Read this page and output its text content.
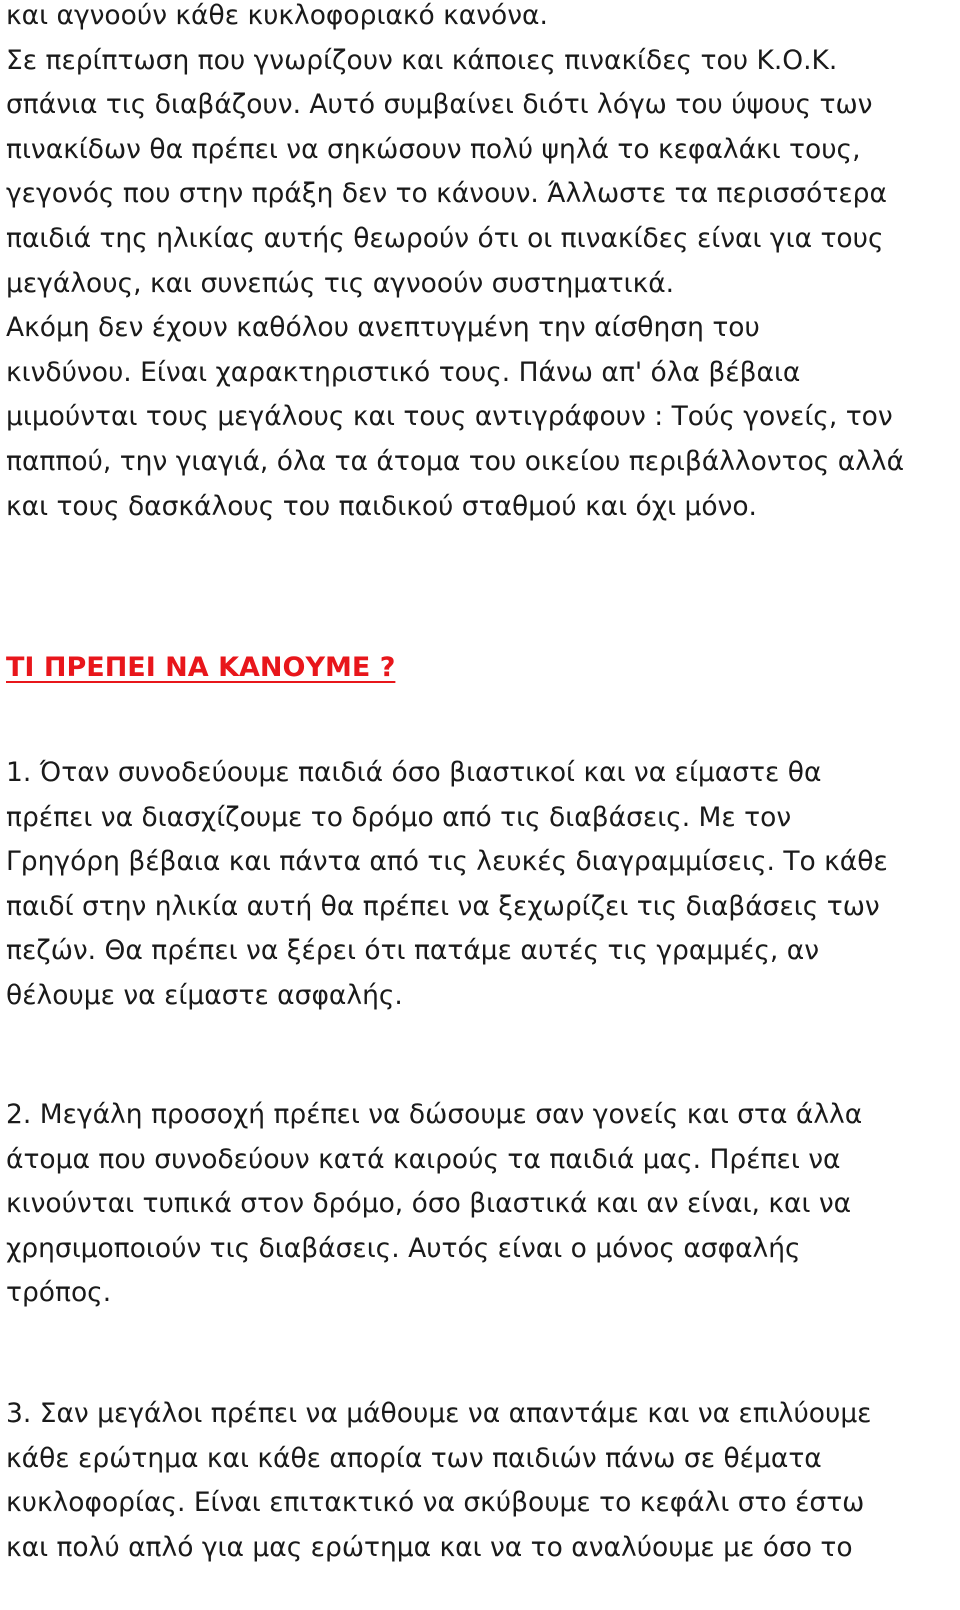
και αγνοούν κάθε κυκλοφοριακό κανόνα.
Σε περίπτωση που γνωρίζουν και κάποιες πινακίδες του Κ.Ο.Κ.
σπάνια τις διαβάζουν. Αυτό συμβαίνει διότι λόγω του ύψους των
πινακίδων θα πρέπει να σηκώσουν πολύ ψηλά το κεφαλάκι τους,
γεγονός που στην πράξη δεν το κάνουν. Άλλωστε τα περισσότερα
παιδιά της ηλικίας αυτής θεωρούν ότι οι πινακίδες είναι για τους
μεγάλους, και συνεπώς τις αγνοούν συστηματικά.
Ακόμη δεν έχουν καθόλου ανεπτυγμένη την αίσθηση του
κινδύνου. Είναι χαρακτηριστικό τους. Πάνω απ' όλα βέβαια
μιμούνται τους μεγάλους και τους αντιγράφουν : Τούς γονείς, τον
παππού, την γιαγιά, όλα τα άτομα του οικείου περιβάλλοντος αλλά
και τους δασκάλους του παιδικού σταθμού και όχι μόνο.
ΤΙ ΠΡΕΠΕΙ ΝΑ ΚΑΝΟΥΜΕ ?
1. Όταν συνοδεύουμε παιδιά όσο βιαστικοί και να είμαστε θα
πρέπει να διασχίζουμε το δρόμο από τις διαβάσεις. Με τον
Γρηγόρη βέβαια και πάντα από τις λευκές διαγραμμίσεις. Το κάθε
παιδί στην ηλικία αυτή θα πρέπει να ξεχωρίζει τις διαβάσεις των
πεζών. Θα πρέπει να ξέρει ότι πατάμε αυτές τις γραμμές, αν
θέλουμε να είμαστε ασφαλής.
2. Μεγάλη προσοχή πρέπει να δώσουμε σαν γονείς και στα άλλα
άτομα που συνοδεύουν κατά καιρούς τα παιδιά μας. Πρέπει να
κινούνται τυπικά στον δρόμο, όσο βιαστικά και αν είναι, και να
χρησιμοποιούν τις διαβάσεις. Αυτός είναι ο μόνος ασφαλής
τρόπος.
3. Σαν μεγάλοι πρέπει να μάθουμε να απαντάμε και να επιλύουμε
κάθε ερώτημα και κάθε απορία των παιδιών πάνω σε θέματα
κυκλοφορίας. Είναι επιτακτικό να σκύβουμε το κεφάλι στο έστω
και πολύ απλό για μας ερώτημα και να το αναλύουμε με όσο το
